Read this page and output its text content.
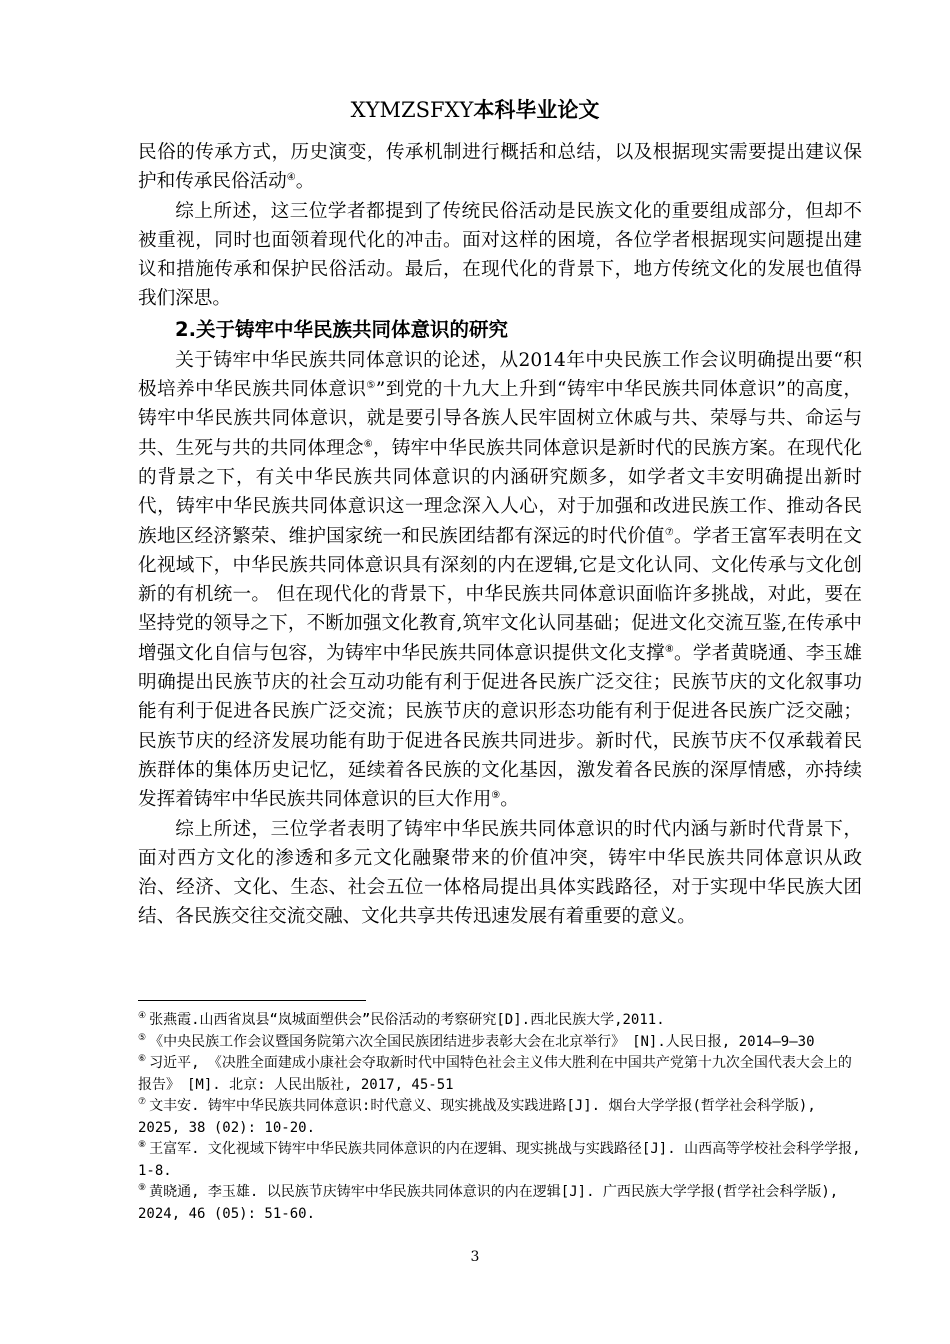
XYMZSFXY本科毕业论文

民俗的传承方式，历史演变，传承机制进行概括和总结，以及根据现实需要提出建议保护和传承民俗活动④。

综上所述，这三位学者都提到了传统民俗活动是民族文化的重要组成部分，但却不被重视，同时也面领着现代化的冲击。面对这样的困境，各位学者根据现实问题提出建议和措施传承和保护民俗活动。最后，在现代化的背景下，地方传统文化的发展也值得我们深思。

2.关于铸牢中华民族共同体意识的研究

关于铸牢中华民族共同体意识的论述，从2014年中央民族工作会议明确提出要“积极培养中华民族共同体意识⑤”到党的十九大上升到“铸牢中华民族共同体意识”的高度，铸牢中华民族共同体意识，就是要引导各族人民牢固树立休戚与共、荣辱与共、命运与共、生死与共的共同体理念⑥，铸牢中华民族共同体意识是新时代的民族方案。在现代化的背景之下，有关中华民族共同体意识的内涵研究颇多，如学者文丰安明确提出新时代，铸牢中华民族共同体意识这一理念深入人心，对于加强和改进民族工作、推动各民族地区经济繁荣、维护国家统一和民族团结都有深远的时代价值⑦。学者王富军表明在文化视域下，中华民族共同体意识具有深刻的内在逻辑,它是文化认同、文化传承与文化创新的有机统一。 但在现代化的背景下，中华民族共同体意识面临许多挑战，对此，要在坚持党的领导之下，不断加强文化教育,筑牢文化认同基础；促进文化交流互鉴,在传承中增强文化自信与包容，为铸牢中华民族共同体意识提供文化支撑⑧。学者黄晓通、李玉雄明确提出民族节庆的社会互动功能有利于促进各民族广泛交往；民族节庆的文化叙事功能有利于促进各民族广泛交流；民族节庆的意识形态功能有利于促进各民族广泛交融；民族节庆的经济发展功能有助于促进各民族共同进步。新时代，民族节庆不仅承载着民族群体的集体历史记忆，延续着各民族的文化基因，激发着各民族的深厚情感，亦持续发挥着铸牢中华民族共同体意识的巨大作用⑨。

综上所述，三位学者表明了铸牢中华民族共同体意识的时代内涵与新时代背景下，面对西方文化的渗透和多元文化融聚带来的价值冲突，铸牢中华民族共同体意识从政治、经济、文化、生态、社会五位一体格局提出具体实践路径，对于实现中华民族大团结、各民族交往交流交融、文化共享共传迅速发展有着重要的意义。

④ 张燕霞.山西省岚县“岚城面塑供会”民俗活动的考察研究[D].西北民族大学,2011.

⑤ 《中央民族工作会议暨国务院第六次全国民族团结进步表彰大会在北京举行》　[N].人民日报, 2014—9—30

⑥ 习近平, 《决胜全面建成小康社会夺取新时代中国特色社会主义伟大胜利在中国共产党第十九次全国代表大会上的报告》　[M]. 北京: 人民出版社, 2017, 45-51

⑦ 文丰安. 铸牢中华民族共同体意识:时代意义、现实挑战及实践进路[J]. 烟台大学学报(哲学社会科学版), 2025, 38 (02): 10-20.

⑧ 王富军. 文化视域下铸牢中华民族共同体意识的内在逻辑、现实挑战与实践路径[J]. 山西高等学校社会科学学报, 1-8.

⑨ 黄晓通, 李玉雄. 以民族节庆铸牢中华民族共同体意识的内在逻辑[J]. 广西民族大学学报(哲学社会科学版), 2024, 46 (05): 51-60.

3
